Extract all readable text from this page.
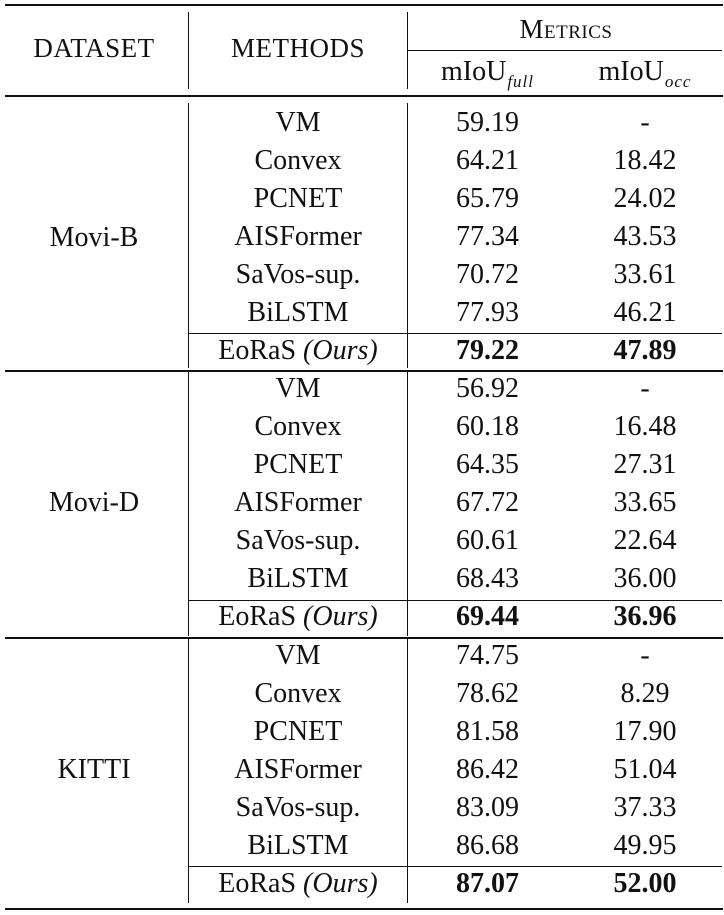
DATASET	METHODS
Metrics
mIoU$_{full}$	mIoU$_{occ}$
Movi-B
VM	59.19	-
Convex	64.21	18.42
PCNET	65.79	24.02
AISFormer	77.34	43.53
SaVos-sup.	70.72	33.61
BiLSTM	77.93	46.21
EoRaS (Ours)	79.22	47.89
Movi-D
VM	56.92	-
Convex	60.18	16.48
PCNET	64.35	27.31
AISFormer	67.72	33.65
SaVos-sup.	60.61	22.64
BiLSTM	68.43	36.00
EoRaS (Ours)	69.44	36.96
KITTI
VM	74.75	-
Convex	78.62	8.29
PCNET	81.58	17.90
AISFormer	86.42	51.04
SaVos-sup.	83.09	37.33
BiLSTM	86.68	49.95
EoRaS (Ours)	87.07	52.00
